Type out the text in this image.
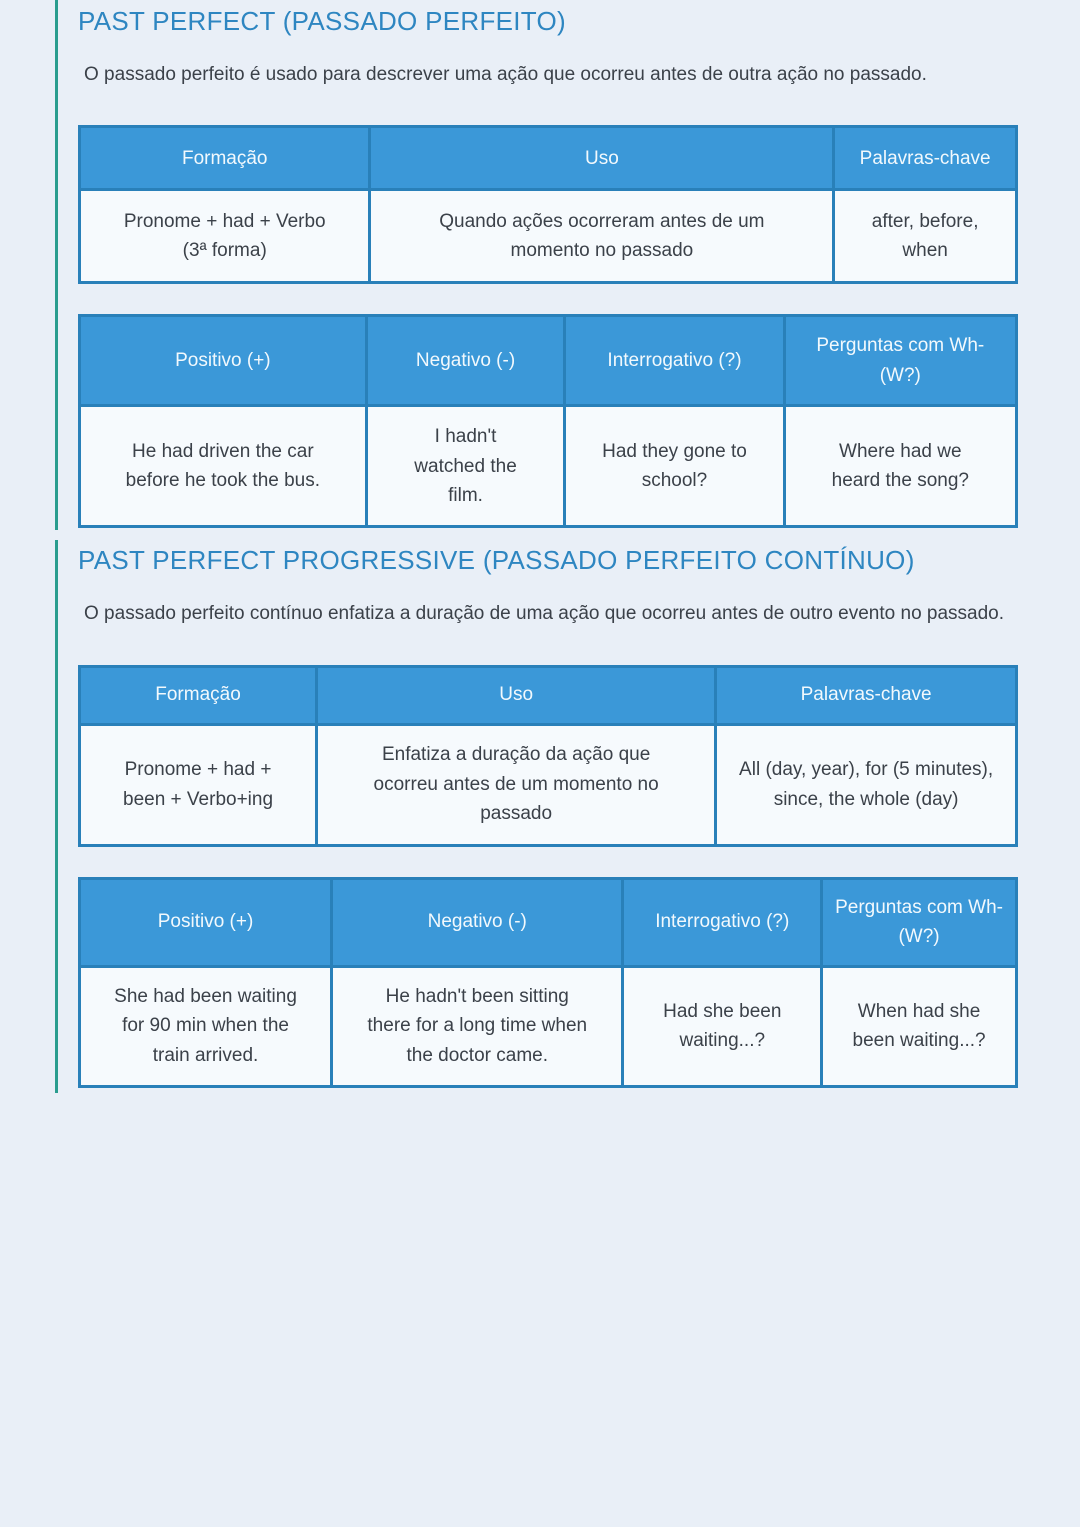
PAST PERFECT (PASSADO PERFEITO)

O passado perfeito é usado para descrever uma ação que ocorreu antes de outra ação no passado.

Formação	Uso	Palavras-chave
Pronome + had + Verbo (3ª forma)	Quando ações ocorreram antes de um momento no passado	after, before, when
Positivo (+)	Negativo (-)	Interrogativo (?)	Perguntas com Wh- (W?)
He had driven the car before he took the bus.	I hadn't watched the film.	Had they gone to school?	Where had we heard the song?
PAST PERFECT PROGRESSIVE (PASSADO PERFEITO CONTÍNUO)

O passado perfeito contínuo enfatiza a duração de uma ação que ocorreu antes de outro evento no passado.

Formação	Uso	Palavras-chave
Pronome + had + been + Verbo+ing	Enfatiza a duração da ação que ocorreu antes de um momento no passado	All (day, year), for (5 minutes), since, the whole (day)
Positivo (+)	Negativo (-)	Interrogativo (?)	Perguntas com Wh- (W?)
She had been waiting for 90 min when the train arrived.	He hadn't been sitting there for a long time when the doctor came.	Had she been waiting...?	When had she been waiting...?
